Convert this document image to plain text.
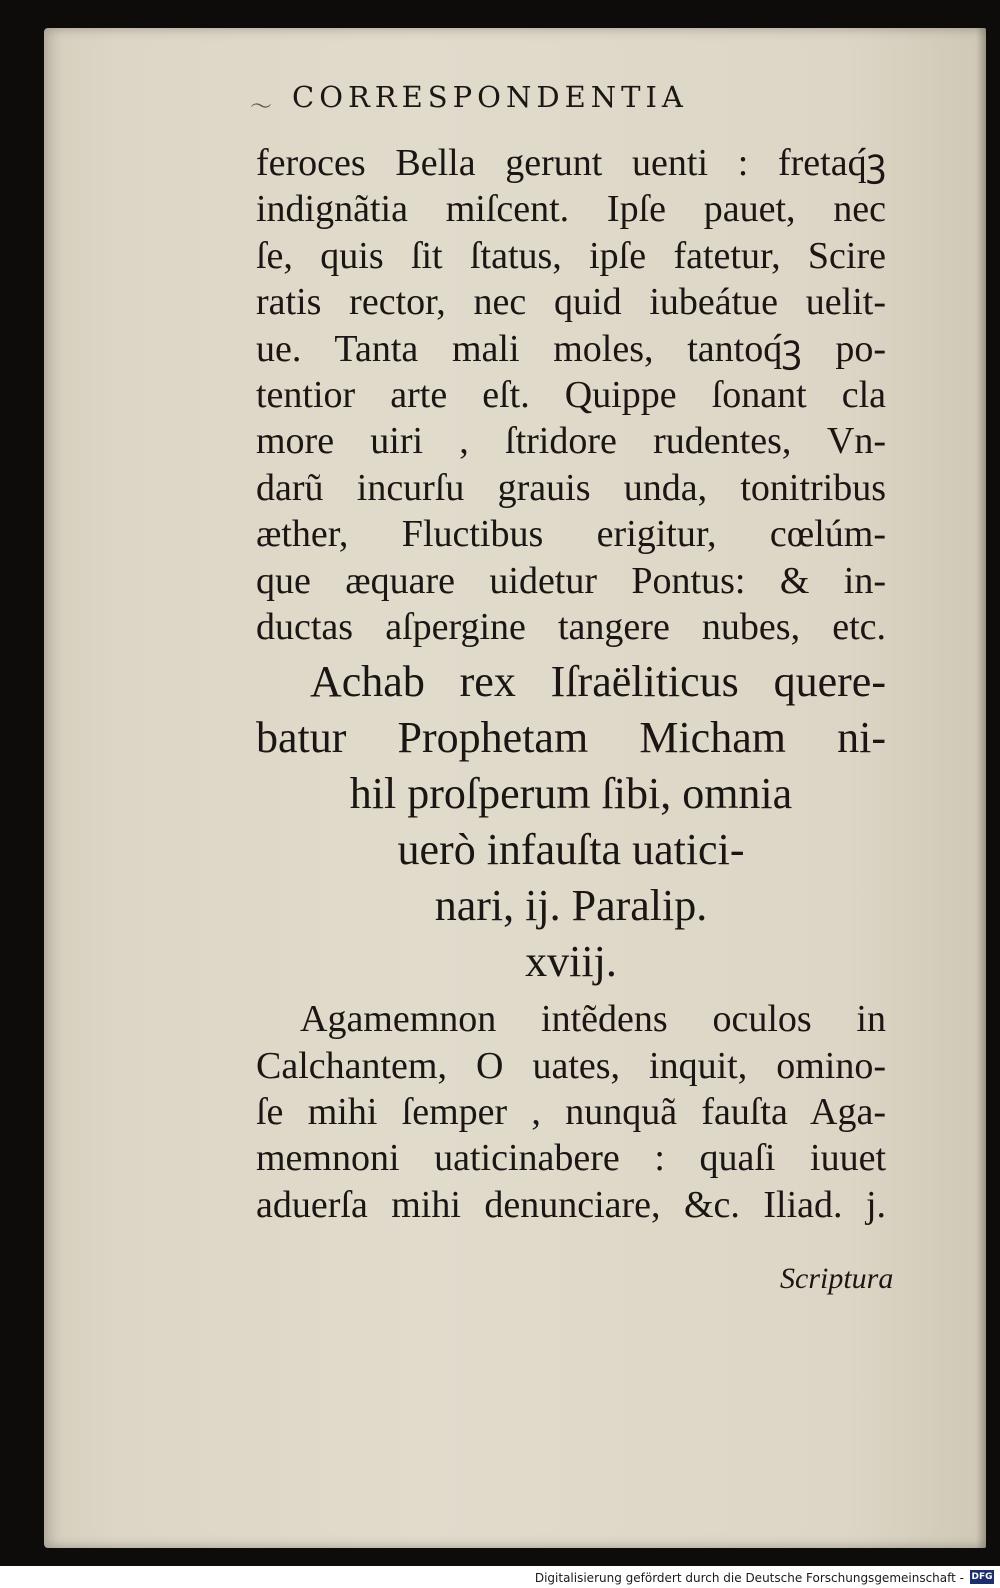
〜 CORRESPONDENTIA
feroces Bella gerunt uenti : fretaq́ꝫ
indignãtia miſcent. Ipſe pauet, nec
ſe, quis ſit ſtatus, ipſe fatetur, Scire
ratis rector, nec quid iubeátue uelit-
ue. Tanta mali moles, tantoq́ꝫ po-
tentior arte eſt. Quippe ſonant cla
more uiri , ſtridore rudentes, Vn-
darũ incurſu grauis unda, tonitribus
æther, Fluctibus erigitur, cœlúm-
que æquare uidetur Pontus: & in-
ductas aſpergine tangere nubes, etc.
Achab rex Iſraëliticus quere-
batur Prophetam Micham ni-
hil proſperum ſibi, omnia
uerò infauſta uatici-
nari, ij. Paralip.
xviij.
Agamemnon intẽdens oculos in
Calchantem, O uates, inquit, omino-
ſe mihi ſemper , nunquã fauſta Aga-
memnoni uaticinabere : quaſi iuuet
aduerſa mihi denunciare, &c. Iliad. j.
Scriptura
Digitalisierung gefördert durch die Deutsche Forschungsgemeinschaft - DFG
